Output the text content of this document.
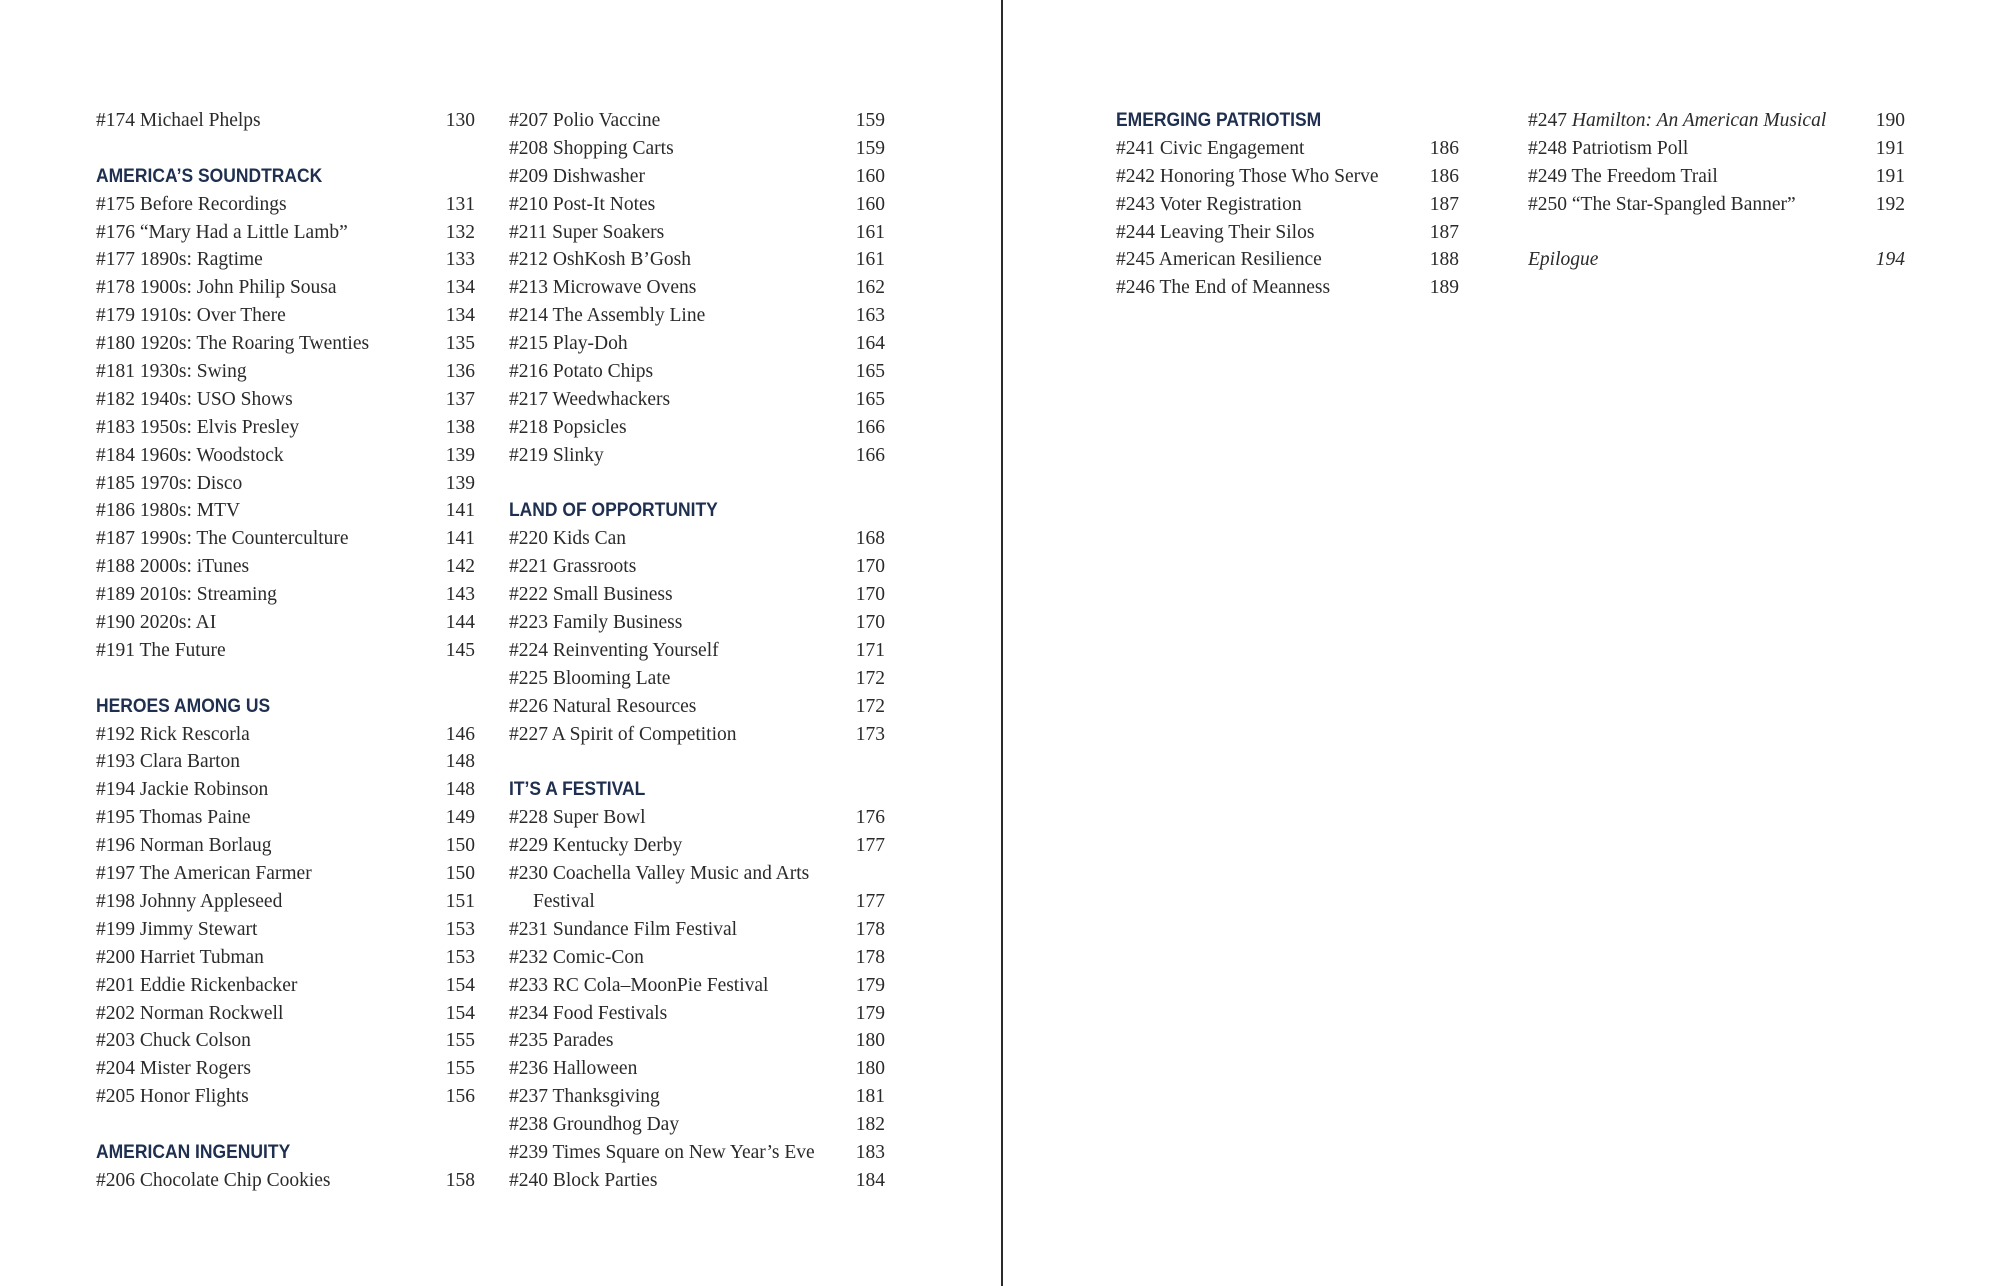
#174 Michael Phelps	130
AMERICA’S SOUNDTRACK
#175 Before Recordings	131
#176 “Mary Had a Little Lamb”	132
#177 1890s: Ragtime	133
#178 1900s: John Philip Sousa	134
#179 1910s: Over There	134
#180 1920s: The Roaring Twenties	135
#181 1930s: Swing	136
#182 1940s: USO Shows	137
#183 1950s: Elvis Presley	138
#184 1960s: Woodstock	139
#185 1970s: Disco	139
#186 1980s: MTV	141
#187 1990s: The Counterculture	141
#188 2000s: iTunes	142
#189 2010s: Streaming	143
#190 2020s: AI	144
#191 The Future	145
HEROES AMONG US
#192 Rick Rescorla	146
#193 Clara Barton	148
#194 Jackie Robinson	148
#195 Thomas Paine	149
#196 Norman Borlaug	150
#197 The American Farmer	150
#198 Johnny Appleseed	151
#199 Jimmy Stewart	153
#200 Harriet Tubman	153
#201 Eddie Rickenbacker	154
#202 Norman Rockwell	154
#203 Chuck Colson	155
#204 Mister Rogers	155
#205 Honor Flights	156
AMERICAN INGENUITY
#206 Chocolate Chip Cookies	158
#207 Polio Vaccine	159
#208 Shopping Carts	159
#209 Dishwasher	160
#210 Post-It Notes	160
#211 Super Soakers	161
#212 OshKosh B’Gosh	161
#213 Microwave Ovens	162
#214 The Assembly Line	163
#215 Play-Doh	164
#216 Potato Chips	165
#217 Weedwhackers	165
#218 Popsicles	166
#219 Slinky	166
LAND OF OPPORTUNITY
#220 Kids Can	168
#221 Grassroots	170
#222 Small Business	170
#223 Family Business	170
#224 Reinventing Yourself	171
#225 Blooming Late	172
#226 Natural Resources	172
#227 A Spirit of Competition	173
IT’S A FESTIVAL
#228 Super Bowl	176
#229 Kentucky Derby	177
#230 Coachella Valley Music and Arts
Festival	177
#231 Sundance Film Festival	178
#232 Comic-Con	178
#233 RC Cola–MoonPie Festival	179
#234 Food Festivals	179
#235 Parades	180
#236 Halloween	180
#237 Thanksgiving	181
#238 Groundhog Day	182
#239 Times Square on New Year’s Eve	183
#240 Block Parties	184
EMERGING PATRIOTISM
#241 Civic Engagement	186
#242 Honoring Those Who Serve	186
#243 Voter Registration	187
#244 Leaving Their Silos	187
#245 American Resilience	188
#246 The End of Meanness	189
#247 Hamilton: An American Musical	190
#248 Patriotism Poll	191
#249 The Freedom Trail	191
#250 “The Star-Spangled Banner”	192
Epilogue	194
